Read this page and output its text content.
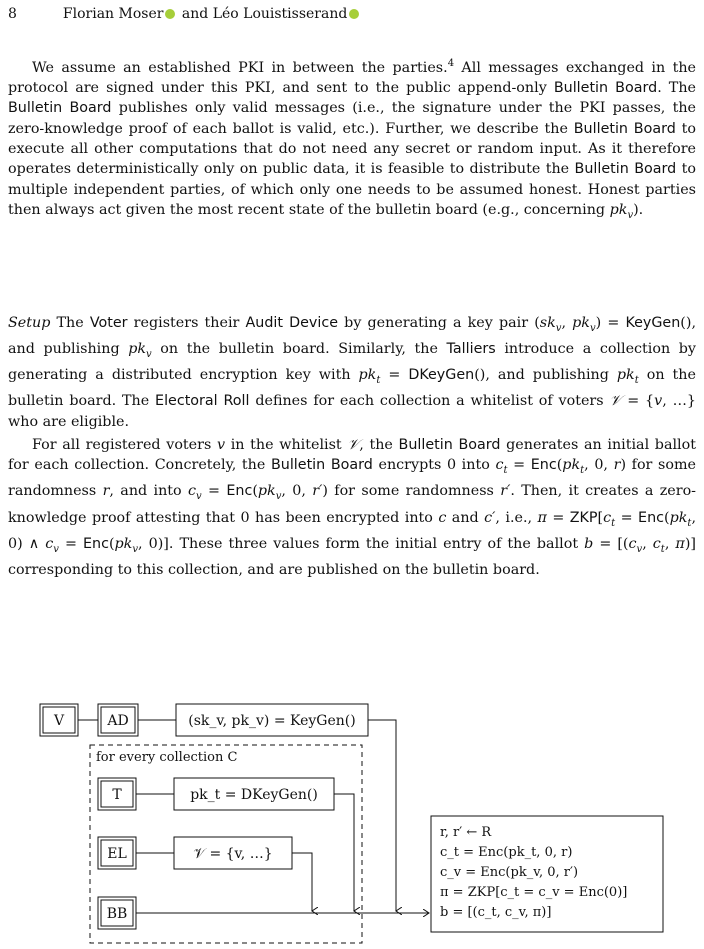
8	Florian Moser and Léo Louistisserand
We assume an established PKI in between the parties.$^4$ All messages exchanged in the protocol are signed under this PKI, and sent to the public append-only Bulletin Board. The Bulletin Board publishes only valid messages (i.e., the signature under the PKI passes, the zero-knowledge proof of each ballot is valid, etc.). Further, we describe the Bulletin Board to execute all other computations that do not need any secret or random input. As it therefore operates deterministically only on public data, it is feasible to distribute the Bulletin Board to multiple independent parties, of which only one needs to be assumed honest. Honest parties then always act given the most recent state of the bulletin board (e.g., concerning $pk_v$).
Setup The Voter registers their Audit Device by generating a key pair ($sk_v$, $pk_v$) = KeyGen(), and publishing $pk_v$ on the bulletin board. Similarly, the Talliers introduce a collection by generating a distributed encryption key with $pk_t$ = DKeyGen(), and publishing $pk_t$ on the bulletin board. The Electoral Roll defines for each collection a whitelist of voters 𝒱 = {v, …} who are eligible.
For all registered voters v in the whitelist 𝒱, the Bulletin Board generates an initial ballot for each collection. Concretely, the Bulletin Board encrypts 0 into $c_t = Enc(pk_t$, 0, r) for some randomness r, and into $c_v = Enc(pk_v$, 0, r′) for some randomness r′. Then, it creates a zero-knowledge proof attesting that 0 has been encrypted into c and c′, i.e., $\pi = ZKP[c_t = Enc(pk_t$, 0) ∧ $c_v = Enc(pk_v$, 0)]. These three values form the initial entry of the ballot $b = [(c_v$, $c_t$, π)] corresponding to this collection, and are published on the bulletin board.
V	AD
T
EL
BB
(sk_v, pk_v) = KeyGen()
for every collection C
pk_t = DKeyGen()
𝒱 = {v, …}
r, r′ ← R
c_t = Enc(pk_t, 0, r)
c_v = Enc(pk_v, 0, r′)
π = ZKP[c_t = c_v = Enc(0)]
b = [(c_t, c_v, π)]
